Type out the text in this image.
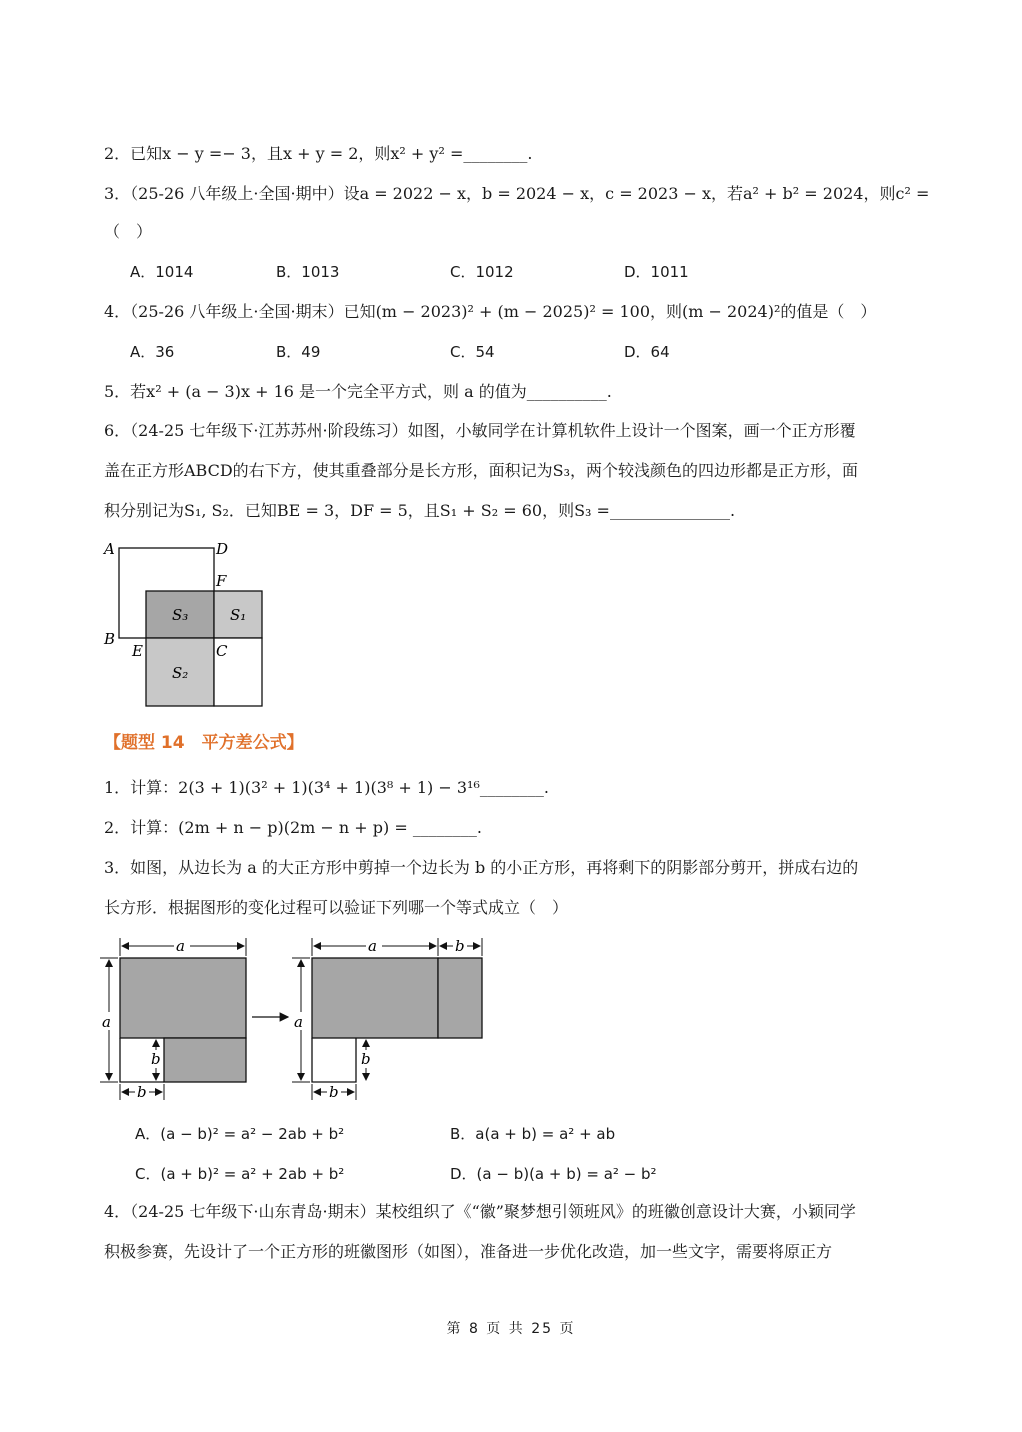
2．已知x − y =− 3，且x + y = 2，则x² + y² =________.
3．（25-26 八年级上·全国·期中）设a = 2022 − x，b = 2024 − x，c = 2023 − x，若a² + b² = 2024，则c² =
（　）
A．1014	B．1013	C．1012	D．1011
4．（25-26 八年级上·全国·期末）已知(m − 2023)² + (m − 2025)² = 100，则(m − 2024)²的值是（　）
A．36	B．49	C．54	D．64
5．若x² + (a − 3)x + 16 是一个完全平方式，则 a 的值为__________.
6．（24-25 七年级下·江苏苏州·阶段练习）如图，小敏同学在计算机软件上设计一个图案，画一个正方形覆
盖在正方形ABCD的右下方，使其重叠部分是长方形，面积记为S₃，两个较浅颜色的四边形都是正方形，面
积分别记为S₁, S₂．已知BE = 3，DF = 5，且S₁ + S₂ = 60，则S₃ =_______________.
A	D
F
B
E	C
S₃	S₁
S₂
【题型 14　平方差公式】
1．计算：2(3 + 1)(3² + 1)(3⁴ + 1)(3⁸ + 1) − 3¹⁶________.
2．计算：(2m + n − p)(2m − n + p) = ________.
3．如图，从边长为 a 的大正方形中剪掉一个边长为 b 的小正方形，再将剩下的阴影部分剪开，拼成右边的
长方形．根据图形的变化过程可以验证下列哪一个等式成立（　）
a
a
b
b
a	b
a
b
b
A．(a − b)² = a² − 2ab + b²	B．a(a + b) = a² + ab
C．(a + b)² = a² + 2ab + b²	D．(a − b)(a + b) = a² − b²
4．（24-25 七年级下·山东青岛·期末）某校组织了《“徽”聚梦想引领班风》的班徽创意设计大赛，小颖同学
积极参赛，先设计了一个正方形的班徽图形（如图），准备进一步优化改造，加一些文字，需要将原正方
第 8 页 共 25 页
